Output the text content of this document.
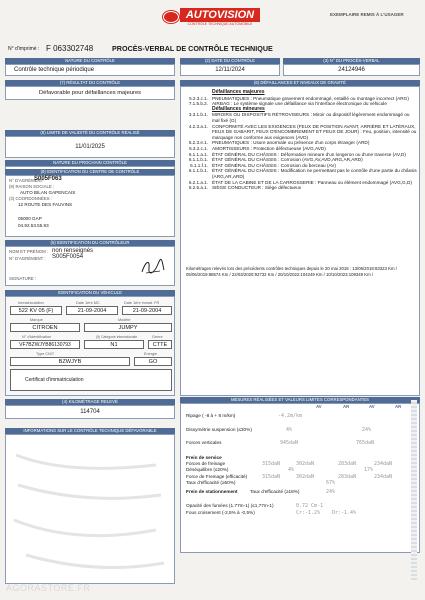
AUTOVISION
CONTRÔLE TECHNIQUE AUTOMOBILE
EXEMPLAIRE REMIS À L'USAGER
N° d'imprimé : F 063302748	PROCÈS-VERBAL DE CONTRÔLE TECHNIQUE
NATURE DU CONTRÔLE
Contrôle technique périodique
(2) DATE DU CONTRÔLE
12/11/2024
(3) N° DU PROCÈS-VERBAL
24124946
(7) RÉSULTAT DU CONTRÔLE
Défavorable pour défaillances majeures
(8) LIMITE DE VALIDITÉ DU CONTRÔLE RÉALISÉ
11/01/2025
NATURE DU PROCHAIN CONTRÔLE
(9) IDENTIFICATION DU CENTRE DE CONTRÔLE
N° D'AGRÉMENT
S005F063
(9) RAISON SOCIALE :
AUTO BILAN GAPENCAIS
(3) COORDONNÉES :
12 ROUTE DES FAUVINS
05000 GAP
04.92.53.55.93
(5) IDENTIFICATION DU CONTRÔLEUR
NOM ET PRÉNOM : non renseignés
N° D'AGRÉMENT : S005F0054
SIGNATURE :
IDENTIFICATION DU VÉHICULE
Immatriculation
522 KV 05 (F)
Date 1ère MC
21-09-2004
Date 1ère immat. FR
21-09-2004
Marque
CITROEN
Modèle
JUMPY
N° d'identification
VF7BZWJYB86130793
(5) Catégorie internationale
N1
Genre
CTTE
Type CNIT
BZWJYB
Energie
GO
Certificat d'immatriculation
(4) KILOMÉTRAGE RELEVÉ
114704
INFORMATIONS SUR LE CONTRÔLE TECHNIQUE DÉFAVORABLE
(6) DÉFAILLANCES ET NIVEAUX DE GRAVITÉ
Défaillances majeures
5.2.3.c.1. PNEUMATIQUES : Pneumatique gravement endommagé, entaillé ou montage incorrect (ARG)
7.1.5.b.2. AIRBAG : Le système signale une défaillance via l'interface électronique du véhicule
Défaillances mineures
3.3.1.b.1. MIROIRS OU DISPOSITIFS RÉTROVISEURS : Miroir ou dispositif légèrement endommagé ou mal fixé (G)
4.2.3.a.1. CONFORMITÉ AVEC LES EXIGENCES (FEUX DE POSITION AVANT, ARRIÈRE ET LATÉRAUX, FEUX DE GABARIT, FEUX D'ENCOMBREMENT ET FEUX DE JOUR) : Feu, position, intensité ou marquage non conforme aux exigences (AVD)
5.2.3.e.1. PNEUMATIQUES : Usure anormale ou présence d'un corps étranger (ARD)
5.3.2.c.1. AMORTISSEURS : Protection défectueuse (AVG,AVD)
6.1.1.a.1. ÉTAT GÉNÉRAL DU CHÂSSIS : Déformation mineure d'un longeron ou d'une traverse (AV,D)
6.1.1.b.1. ÉTAT GÉNÉRAL DU CHÂSSIS : Corrosion (AVG,AV,AVD,ARG,AR,ARD)
6.1.1.f.1. ÉTAT GÉNÉRAL DU CHÂSSIS : Corrosion du berceau (AV)
6.1.1.b.1. ÉTAT GÉNÉRAL DU CHÂSSIS : Modification ne permettant pas le contrôle d'une partie du châssis (ARG,AR,ARD)
6.2.1.a.1. ÉTAT DE LA CABINE ET DE LA CARROSSERIE : Panneau ou élément endommagé (AVG,G,D)
6.2.5.a.1. SIÈGE CONDUCTEUR : Siège défectueux
Kilométrages relevés lors des précédents contrôles techniques depuis le 20 mai 2018 : 13/06/2018:83323 Km / 05/06/2019:88574 Km / 22/03/2020:92732 Km / 20/10/2022:104249 Km / 10/10/2023:109349 Km /
MESURES RÉALISÉES ET VALEURS LIMITES CORRESPONDANTES
AV	AR	AV	AR
Ripage ( -8 à + 8 m/km)	-4.2m/km
Dissymétrie suspension (≤30%)	4%	24%
Forces verticales	945daN	765daN
Frein de service
Forces de freinage	315daN	302daN	283daN	234daN
Déséquilibre (≤20%)	4%	17%
Force de Freinage (efficacité)	315daN	302daN	283daN	234daN
Taux d'efficacité (≥50%)	67%
Frein de stationnement	Taux d'efficacité (≥18%)	24%
Opacité des fumées (1.77m-1) (≤1,77m-1)	0.72 Cm-1
Fous croisement (-2,5% à -0,5%)	Cr:-1.2% Dr:-1.4%
AGORASTORE.FR
